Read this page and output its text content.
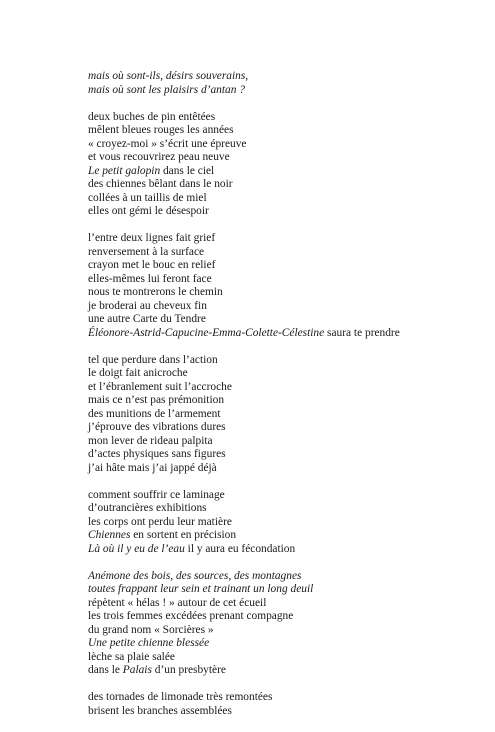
mais où sont-ils, désirs souverains,
mais où sont les plaisirs d’antan ?
deux buches de pin entêtées
mêlent bleues rouges les années
« croyez-moi » s’écrit une épreuve
et vous recouvrirez peau neuve
Le petit galopin dans le ciel
des chiennes bêlant dans le noir
collées à un taillis de miel
elles ont gémi le désespoir
l’entre deux lignes fait grief
renversement à la surface
crayon met le bouc en relief
elles-mêmes lui feront face
nous te montrerons le chemin
je broderai au cheveux fin
une autre Carte du Tendre
Éléonore-Astrid-Capucine-Emma-Colette-Célestine saura te prendre
tel que perdure dans l’action
le doigt fait anicroche
et l’ébranlement suit l’accroche
mais ce n’est pas prémonition
des munitions de l’armement
j’éprouve des vibrations dures
mon lever de rideau palpita
d’actes physiques sans figures
j’ai hâte mais j’ai jappé déjà
comment souffrir ce laminage
d’outrancières exhibitions
les corps ont perdu leur matière
Chiennes en sortent en précision
Là où il y eu de l’eau il y aura eu fécondation
Anémone des bois, des sources, des montagnes
toutes frappant leur sein et trainant un long deuil
répètent « hélas ! » autour de cet écueil
les trois femmes excédées prenant compagne
du grand nom « Sorcières »
Une petite chienne blessée
lèche sa plaie salée
dans le Palais d’un presbytère
des tornades de limonade très remontées
brisent les branches assemblées
